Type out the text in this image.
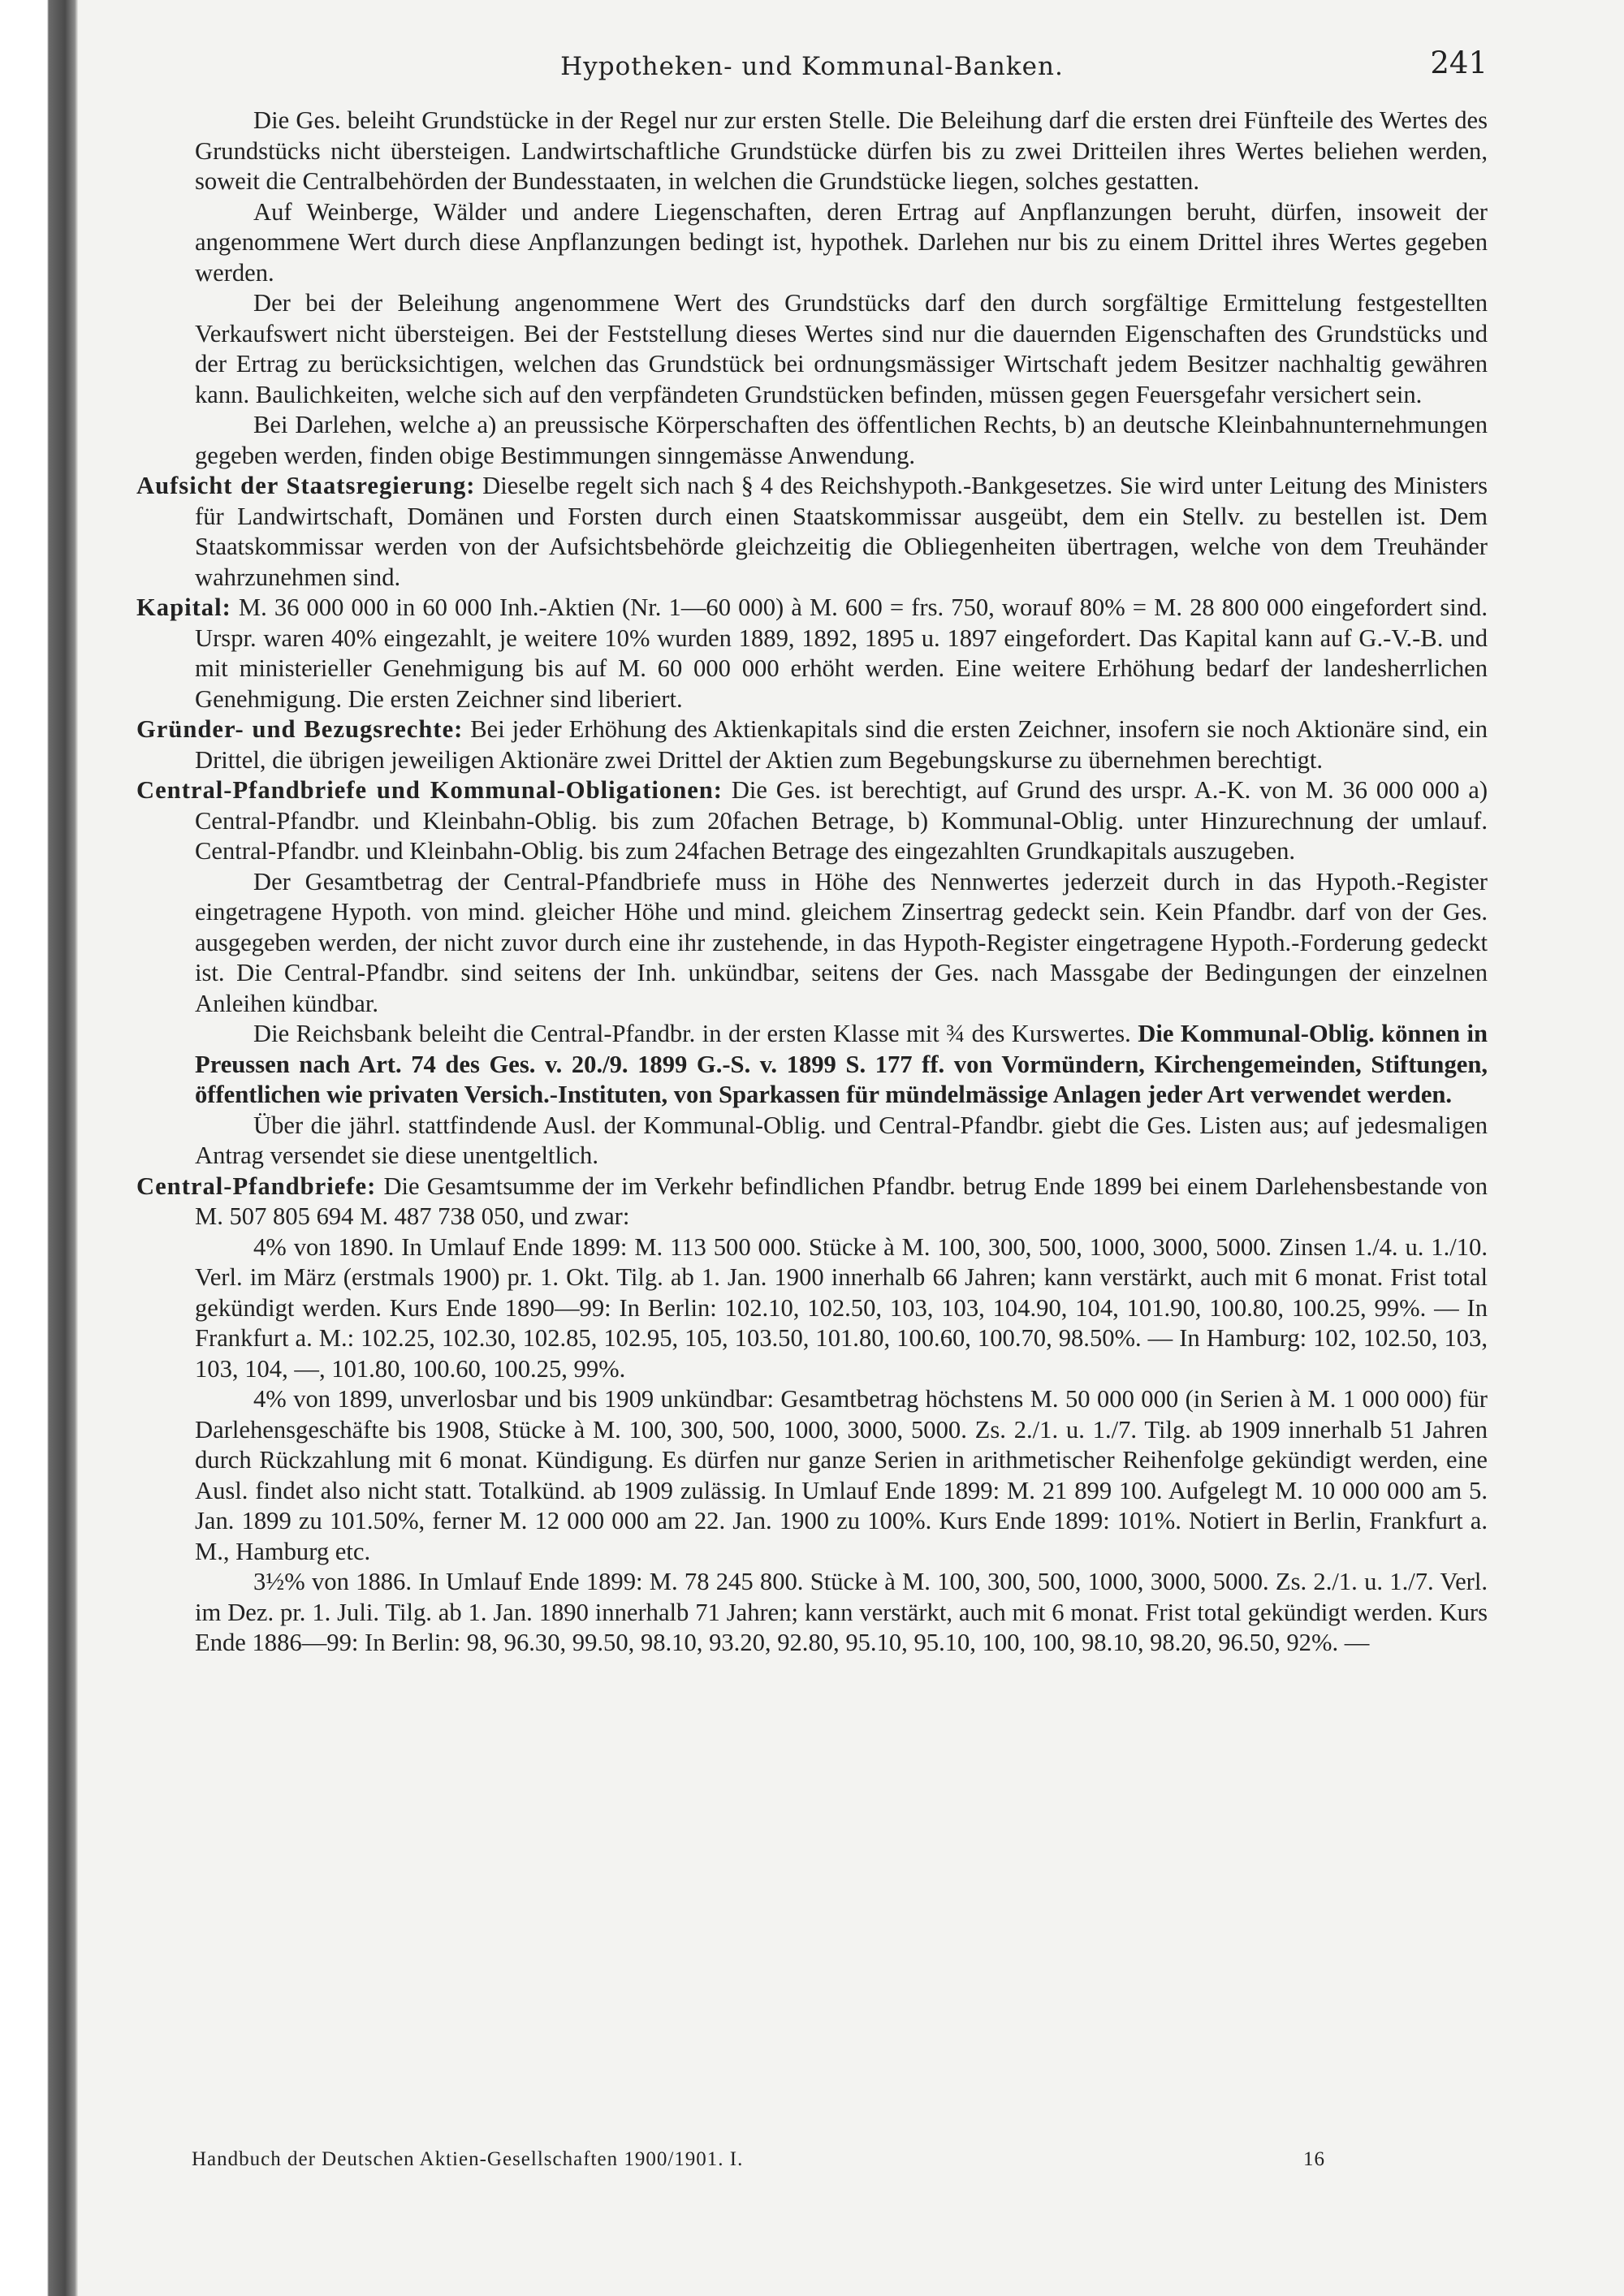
Hypotheken- und Kommunal-Banken.	241

Die Ges. beleiht Grundstücke in der Regel nur zur ersten Stelle. Die Beleihung darf die ersten drei Fünfteile des Wertes des Grundstücks nicht übersteigen. Landwirtschaftliche Grundstücke dürfen bis zu zwei Dritteilen ihres Wertes beliehen werden, soweit die Centralbehörden der Bundesstaaten, in welchen die Grundstücke liegen, solches gestatten.

Auf Weinberge, Wälder und andere Liegenschaften, deren Ertrag auf Anpflanzungen beruht, dürfen, insoweit der angenommene Wert durch diese Anpflanzungen bedingt ist, hypothek. Darlehen nur bis zu einem Drittel ihres Wertes gegeben werden.

Der bei der Beleihung angenommene Wert des Grundstücks darf den durch sorgfältige Ermittelung festgestellten Verkaufswert nicht übersteigen. Bei der Feststellung dieses Wertes sind nur die dauernden Eigenschaften des Grundstücks und der Ertrag zu berücksichtigen, welchen das Grundstück bei ordnungsmässiger Wirtschaft jedem Besitzer nachhaltig gewähren kann. Baulichkeiten, welche sich auf den verpfändeten Grundstücken befinden, müssen gegen Feuersgefahr versichert sein.

Bei Darlehen, welche a) an preussische Körperschaften des öffentlichen Rechts, b) an deutsche Kleinbahnunternehmungen gegeben werden, finden obige Bestimmungen sinngemässe Anwendung.

Aufsicht der Staatsregierung: Dieselbe regelt sich nach § 4 des Reichshypoth.-Bankgesetzes. Sie wird unter Leitung des Ministers für Landwirtschaft, Domänen und Forsten durch einen Staatskommissar ausgeübt, dem ein Stellv. zu bestellen ist. Dem Staatskommissar werden von der Aufsichtsbehörde gleichzeitig die Obliegenheiten übertragen, welche von dem Treuhänder wahrzunehmen sind.

Kapital: M. 36 000 000 in 60 000 Inh.-Aktien (Nr. 1—60 000) à M. 600 = frs. 750, worauf 80% = M. 28 800 000 eingefordert sind. Urspr. waren 40% eingezahlt, je weitere 10% wurden 1889, 1892, 1895 u. 1897 eingefordert. Das Kapital kann auf G.-V.-B. und mit ministerieller Genehmigung bis auf M. 60 000 000 erhöht werden. Eine weitere Erhöhung bedarf der landesherrlichen Genehmigung. Die ersten Zeichner sind liberiert.

Gründer- und Bezugsrechte: Bei jeder Erhöhung des Aktienkapitals sind die ersten Zeichner, insofern sie noch Aktionäre sind, ein Drittel, die übrigen jeweiligen Aktionäre zwei Drittel der Aktien zum Begebungskurse zu übernehmen berechtigt.

Central-Pfandbriefe und Kommunal-Obligationen: Die Ges. ist berechtigt, auf Grund des urspr. A.-K. von M. 36 000 000 a) Central-Pfandbr. und Kleinbahn-Oblig. bis zum 20fachen Betrage, b) Kommunal-Oblig. unter Hinzurechnung der umlauf. Central-Pfandbr. und Kleinbahn-Oblig. bis zum 24fachen Betrage des eingezahlten Grundkapitals auszugeben.

Der Gesamtbetrag der Central-Pfandbriefe muss in Höhe des Nennwertes jederzeit durch in das Hypoth.-Register eingetragene Hypoth. von mind. gleicher Höhe und mind. gleichem Zinsertrag gedeckt sein. Kein Pfandbr. darf von der Ges. ausgegeben werden, der nicht zuvor durch eine ihr zustehende, in das Hypoth-Register eingetragene Hypoth.-Forderung gedeckt ist. Die Central-Pfandbr. sind seitens der Inh. unkündbar, seitens der Ges. nach Massgabe der Bedingungen der einzelnen Anleihen kündbar.

Die Reichsbank beleiht die Central-Pfandbr. in der ersten Klasse mit ¾ des Kurswertes. Die Kommunal-Oblig. können in Preussen nach Art. 74 des Ges. v. 20./9. 1899 G.-S. v. 1899 S. 177 ff. von Vormündern, Kirchengemeinden, Stiftungen, öffentlichen wie privaten Versich.-Instituten, von Sparkassen für mündelmässige Anlagen jeder Art verwendet werden.

Über die jährl. stattfindende Ausl. der Kommunal-Oblig. und Central-Pfandbr. giebt die Ges. Listen aus; auf jedesmaligen Antrag versendet sie diese unentgeltlich.

Central-Pfandbriefe: Die Gesamtsumme der im Verkehr befindlichen Pfandbr. betrug Ende 1899 bei einem Darlehensbestande von M. 507 805 694 M. 487 738 050, und zwar:

4% von 1890. In Umlauf Ende 1899: M. 113 500 000. Stücke à M. 100, 300, 500, 1000, 3000, 5000. Zinsen 1./4. u. 1./10. Verl. im März (erstmals 1900) pr. 1. Okt. Tilg. ab 1. Jan. 1900 innerhalb 66 Jahren; kann verstärkt, auch mit 6 monat. Frist total gekündigt werden. Kurs Ende 1890—99: In Berlin: 102.10, 102.50, 103, 103, 104.90, 104, 101.90, 100.80, 100.25, 99%. — In Frankfurt a. M.: 102.25, 102.30, 102.85, 102.95, 105, 103.50, 101.80, 100.60, 100.70, 98.50%. — In Hamburg: 102, 102.50, 103, 103, 104, —, 101.80, 100.60, 100.25, 99%.

4% von 1899, unverlosbar und bis 1909 unkündbar: Gesamtbetrag höchstens M. 50 000 000 (in Serien à M. 1 000 000) für Darlehensgeschäfte bis 1908, Stücke à M. 100, 300, 500, 1000, 3000, 5000. Zs. 2./1. u. 1./7. Tilg. ab 1909 innerhalb 51 Jahren durch Rückzahlung mit 6 monat. Kündigung. Es dürfen nur ganze Serien in arithmetischer Reihenfolge gekündigt werden, eine Ausl. findet also nicht statt. Totalkünd. ab 1909 zulässig. In Umlauf Ende 1899: M. 21 899 100. Aufgelegt M. 10 000 000 am 5. Jan. 1899 zu 101.50%, ferner M. 12 000 000 am 22. Jan. 1900 zu 100%. Kurs Ende 1899: 101%. Notiert in Berlin, Frankfurt a. M., Hamburg etc.

3½% von 1886. In Umlauf Ende 1899: M. 78 245 800. Stücke à M. 100, 300, 500, 1000, 3000, 5000. Zs. 2./1. u. 1./7. Verl. im Dez. pr. 1. Juli. Tilg. ab 1. Jan. 1890 innerhalb 71 Jahren; kann verstärkt, auch mit 6 monat. Frist total gekündigt werden. Kurs Ende 1886—99: In Berlin: 98, 96.30, 99.50, 98.10, 93.20, 92.80, 95.10, 95.10, 100, 100, 98.10, 98.20, 96.50, 92%. —

Handbuch der Deutschen Aktien-Gesellschaften 1900/1901. I.	16
